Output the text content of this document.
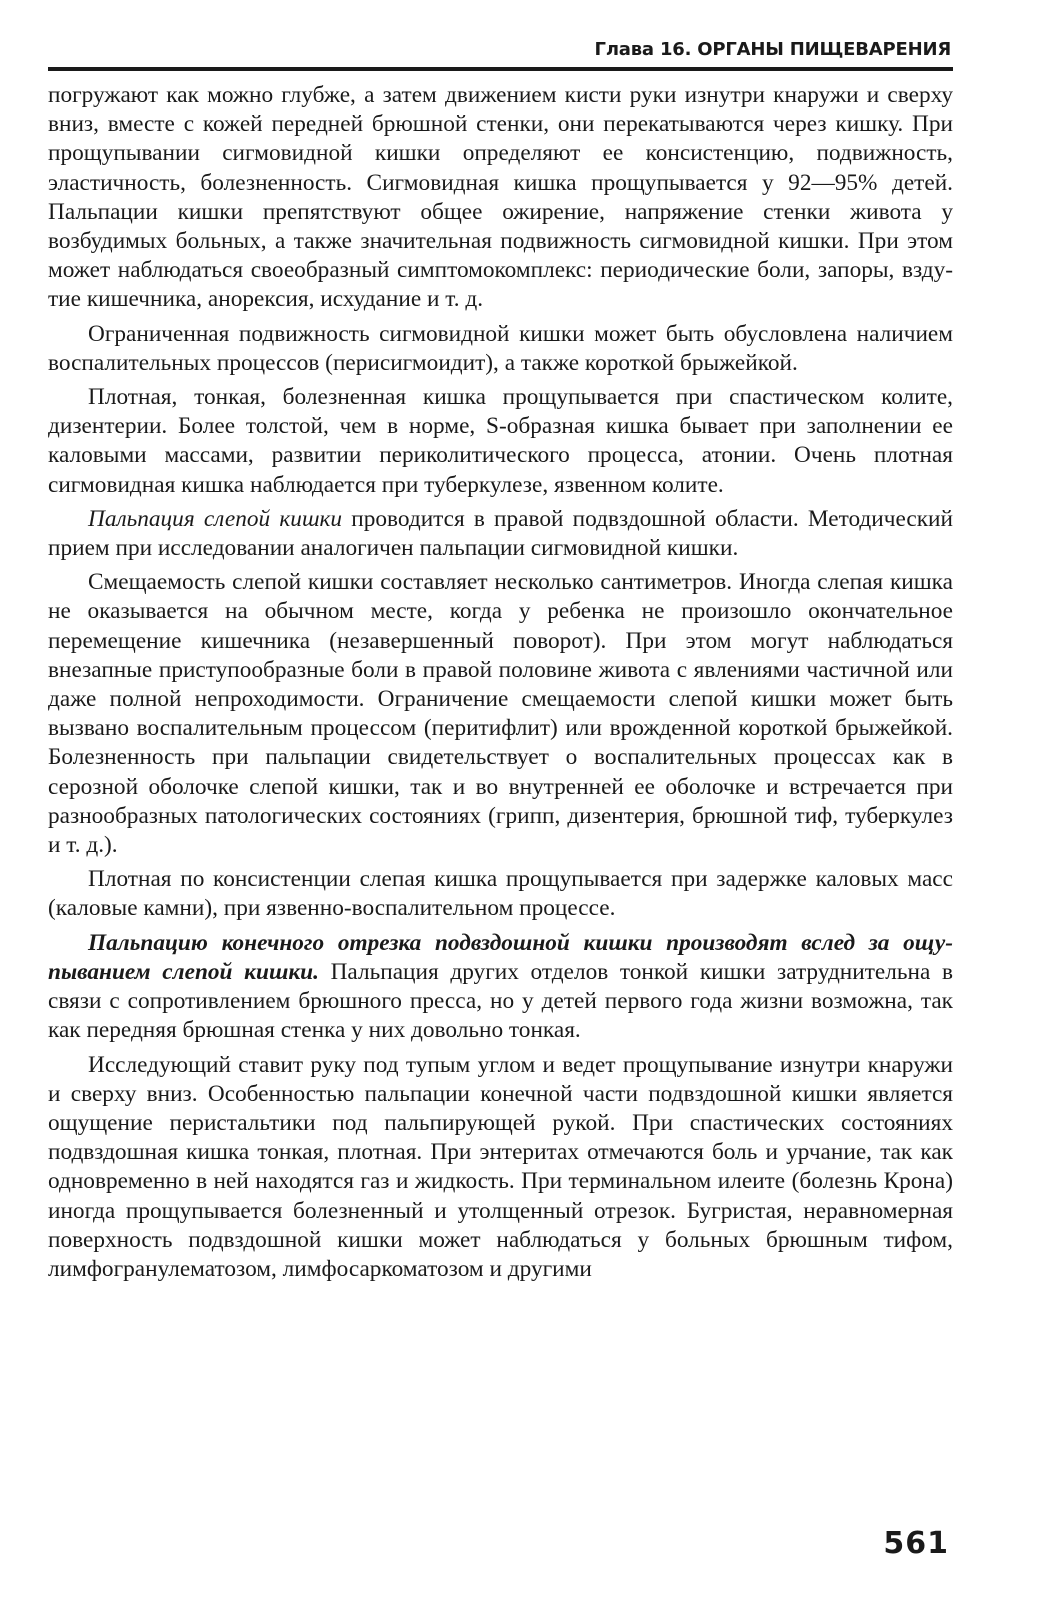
Глава 16. ОРГАНЫ ПИЩЕВАРЕНИЯ

погружают как можно глубже, а затем движением кисти руки изнутри кнаружи и сверху вниз, вместе с кожей передней брюшной стенки, они перекатываются через кишку. При прощупывании сигмовидной кишки определяют ее консистенцию, подвижность, эластичность, болезненность. Сигмовидная кишка прощупывается у 92—95% детей. Пальпации кишки препятствуют общее ожирение, напряжение стенки живота у возбудимых больных, а также значительная подвижность сигмовидной кишки. При этом может наблюдаться своеобразный симптомокомплекс: периодические боли, запоры, вздутие кишечника, анорексия, исхудание и т. д.

Ограниченная подвижность сигмовидной кишки может быть обусловлена наличием воспалительных процессов (перисигмоидит), а также короткой брыжейкой.

Плотная, тонкая, болезненная кишка прощупывается при спастическом колите, дизентерии. Более толстой, чем в норме, S-образная кишка бывает при заполнении ее каловыми массами, развитии периколитического процесса, атонии. Очень плотная сигмовидная кишка наблюдается при туберкулезе, язвенном колите.

Пальпация слепой кишки проводится в правой подвздошной области. Методический прием при исследовании аналогичен пальпации сигмовидной кишки.

Смещаемость слепой кишки составляет несколько сантиметров. Иногда слепая кишка не оказывается на обычном месте, когда у ребенка не произошло окончательное перемещение кишечника (незавершенный поворот). При этом могут наблюдаться внезапные приступообразные боли в правой половине живота с явлениями частичной или даже полной непроходимости. Ограничение смещаемости слепой кишки может быть вызвано воспалительным процессом (перитифлит) или врожденной короткой брыжейкой. Болезненность при пальпации свидетельствует о воспалительных процессах как в серозной оболочке слепой кишки, так и во внутренней ее оболочке и встречается при разнообразных патологических состояниях (грипп, дизентерия, брюшной тиф, туберкулез и т. д.).

Плотная по консистенции слепая кишка прощупывается при задержке каловых масс (каловые камни), при язвенно-воспалительном процессе.

Пальпацию конечного отрезка подвздошной кишки производят вслед за ощупыванием слепой кишки. Пальпация других отделов тонкой кишки затруднительна в связи с сопротивлением брюшного пресса, но у детей первого года жизни возможна, так как передняя брюшная стенка у них довольно тонкая.

Исследующий ставит руку под тупым углом и ведет прощупывание изнутри кнаружи и сверху вниз. Особенностью пальпации конечной части подвздошной кишки является ощущение перистальтики под пальпирующей рукой. При спастических состояниях подвздошная кишка тонкая, плотная. При энтеритах отмечаются боль и урчание, так как одновременно в ней находятся газ и жидкость. При терминальном илеите (болезнь Крона) иногда прощупывается болезненный и утолщенный отрезок. Бугристая, неравномерная поверхность подвздошной кишки может наблюдаться у больных брюшным тифом, лимфогранулематозом, лимфосаркоматозом и другими

561
